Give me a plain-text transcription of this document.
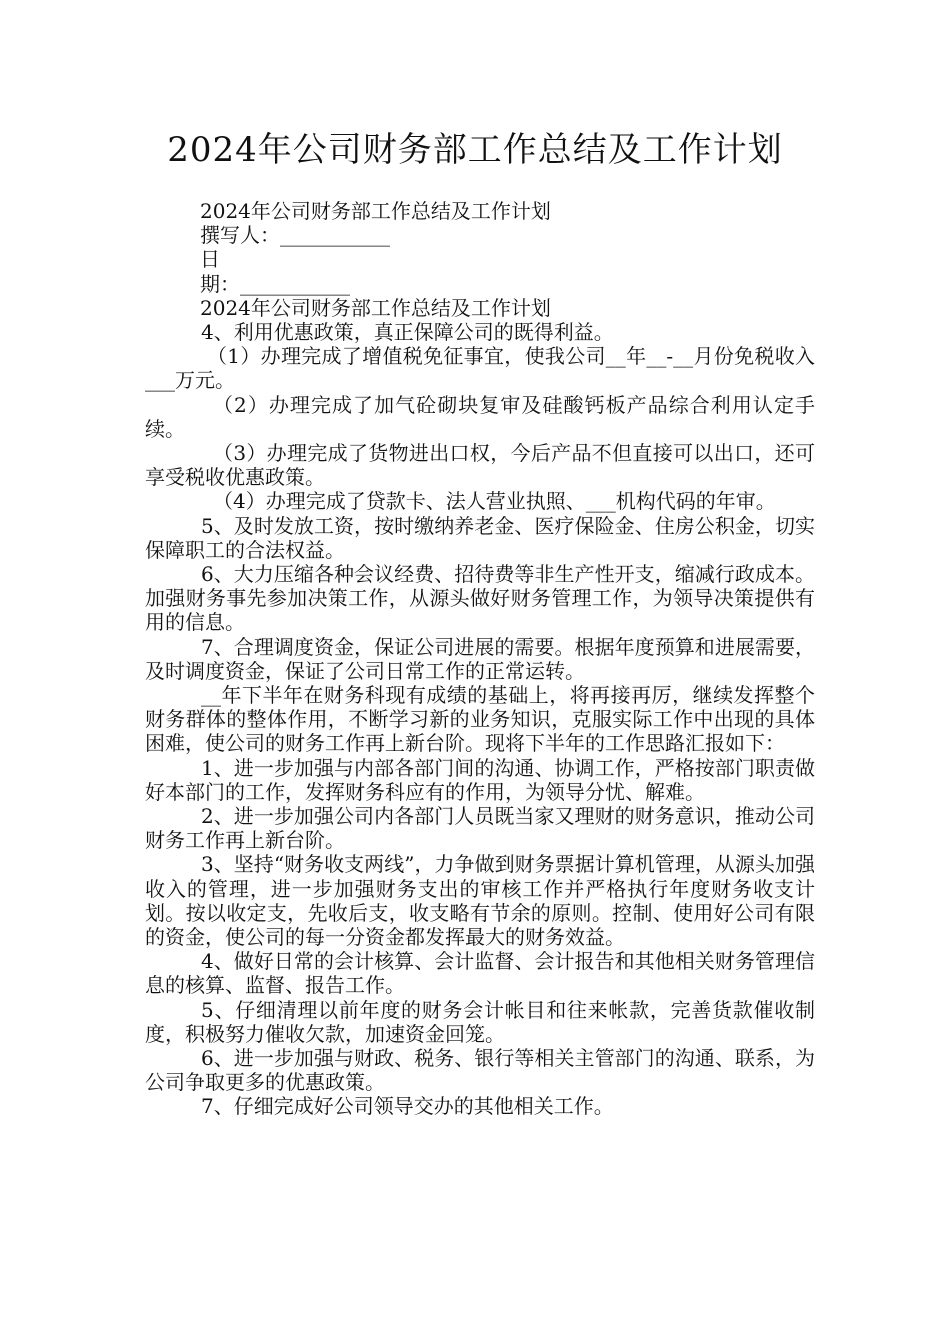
2024年公司财务部工作总结及工作计划
2024年公司财务部工作总结及工作计划
撰写人：___________
日
期：___________
2024年公司财务部工作总结及工作计划

4、利用优惠政策，真正保障公司的既得利益。

（1）办理完成了增值税免征事宜，使我公司__年__-__月份免税收入___万元。

（2）办理完成了加气砼砌块复审及硅酸钙板产品综合利用认定手续。

（3）办理完成了货物进出口权，今后产品不但直接可以出口，还可享受税收优惠政策。

（4）办理完成了贷款卡、法人营业执照、___机构代码的年审。

5、及时发放工资，按时缴纳养老金、医疗保险金、住房公积金，切实保障职工的合法权益。

6、大力压缩各种会议经费、招待费等非生产性开支，缩减行政成本。加强财务事先参加决策工作，从源头做好财务管理工作，为领导决策提供有用的信息。

7、合理调度资金，保证公司进展的需要。根据年度预算和进展需要，及时调度资金，保证了公司日常工作的正常运转。

__年下半年在财务科现有成绩的基础上，将再接再厉，继续发挥整个财务群体的整体作用，不断学习新的业务知识，克服实际工作中出现的具体困难，使公司的财务工作再上新台阶。现将下半年的工作思路汇报如下：

1、进一步加强与内部各部门间的沟通、协调工作，严格按部门职责做好本部门的工作，发挥财务科应有的作用，为领导分忧、解难。

2、进一步加强公司内各部门人员既当家又理财的财务意识，推动公司财务工作再上新台阶。

3、坚持“财务收支两线”，力争做到财务票据计算机管理，从源头加强收入的管理，进一步加强财务支出的审核工作并严格执行年度财务收支计划。按以收定支，先收后支，收支略有节余的原则。控制、使用好公司有限的资金，使公司的每一分资金都发挥最大的财务效益。

4、做好日常的会计核算、会计监督、会计报告和其他相关财务管理信息的核算、监督、报告工作。

5、仔细清理以前年度的财务会计帐目和往来帐款，完善货款催收制度，积极努力催收欠款，加速资金回笼。

6、进一步加强与财政、税务、银行等相关主管部门的沟通、联系，为公司争取更多的优惠政策。

7、仔细完成好公司领导交办的其他相关工作。
